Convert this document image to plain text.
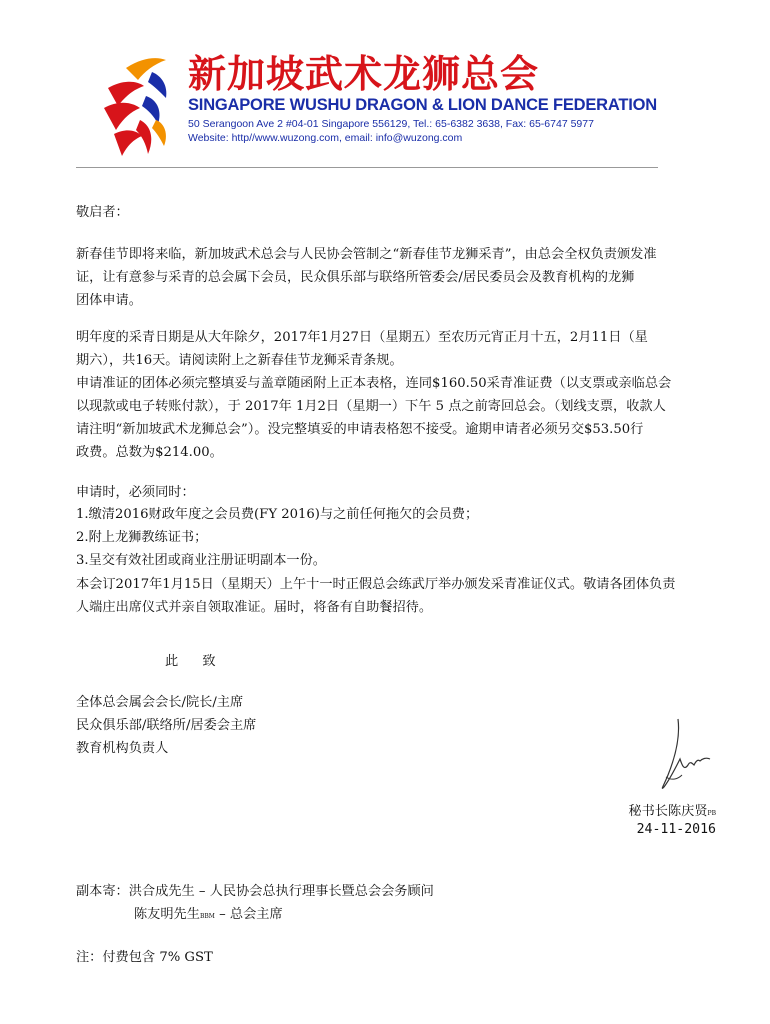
新加坡武术龙狮总会
SINGAPORE WUSHU DRAGON & LION DANCE FEDERATION
50 Serangoon Ave 2 #04-01 Singapore 556129, Tel.: 65-6382 3638, Fax: 65-6747 5977
Website: http//www.wuzong.com, email: info@wuzong.com
敬启者：
新春佳节即将来临，新加坡武术总会与人民协会管制之“新春佳节龙狮采青”，由总会全权负责颁发准
证，让有意参与采青的总会属下会员，民众俱乐部与联络所管委会/居民委员会及教育机构的龙狮
团体申请。
明年度的采青日期是从大年除夕，2017年1月27日（星期五）至农历元宵正月十五，2月11日（星
期六），共16天。请阅读附上之新春佳节龙狮采青条规。
申请准证的团体必须完整填妥与盖章随函附上正本表格，连同$160.50采青准证费（以支票或亲临总会
以现款或电子转账付款），于 2017年 1月2日（星期一）下午 5 点之前寄回总会。（划线支票，收款人
请注明“新加坡武术龙狮总会”）。没完整填妥的申请表格恕不接受。逾期申请者必须另交$53.50行
政费。总数为$214.00。
申请时，必须同时：
1.缴清2016财政年度之会员费(FY 2016)与之前任何拖欠的会员费；
2.附上龙狮教练证书；
3.呈交有效社团或商业注册证明副本一份。
本会订2017年1月15日（星期天）上午十一时正假总会练武厅举办颁发采青准证仪式。敬请各团体负责
人端庄出席仪式并亲自领取准证。届时，将备有自助餐招待。
此 致
全体总会属会会长/院长/主席
民众俱乐部/联络所/居委会主席
教育机构负责人
秘书长陈庆贤PB
24-11-2016
副本寄：洪合成先生 – 人民协会总执行理事长暨总会会务顾问
陈友明先生BBM – 总会主席
注：付费包含 7% GST
